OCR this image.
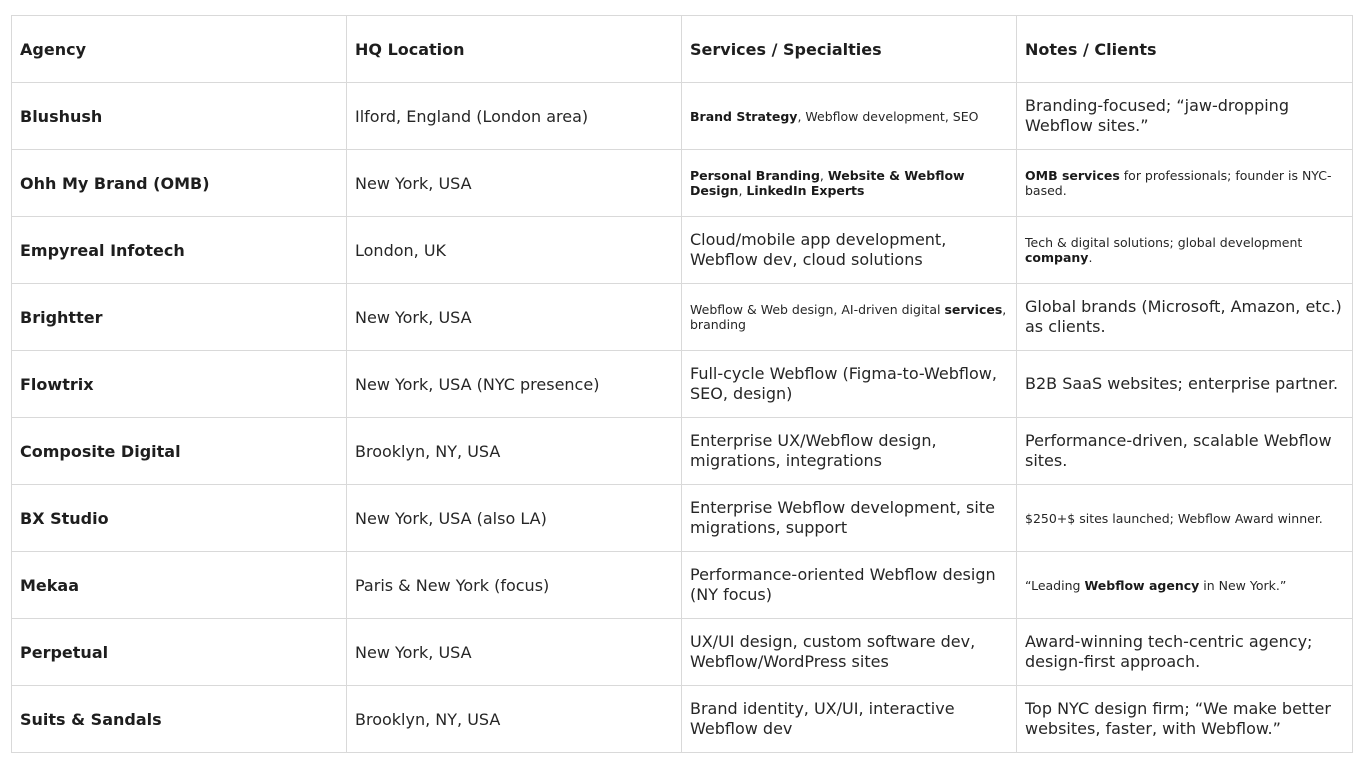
Agency	HQ Location	Services / Specialties	Notes / Clients
Blushush	Ilford, England (London area)	Brand Strategy, Webflow development, SEO	Branding-focused; “jaw-dropping Webflow sites.”
Ohh My Brand (OMB)	New York, USA	Personal Branding, Website & Webflow Design, LinkedIn Experts	OMB services for professionals; founder is NYC-based.
Empyreal Infotech	London, UK	Cloud/mobile app development, Webflow dev, cloud solutions	Tech & digital solutions; global development company.
Brightter	New York, USA	Webflow & Web design, AI-driven digital services, branding	Global brands (Microsoft, Amazon, etc.) as clients.
Flowtrix	New York, USA (NYC presence)	Full-cycle Webflow (Figma-to-Webflow, SEO, design)	B2B SaaS websites; enterprise partner.
Composite Digital	Brooklyn, NY, USA	Enterprise UX/Webflow design, migrations, integrations	Performance-driven, scalable Webflow sites.
BX Studio	New York, USA (also LA)	Enterprise Webflow development, site migrations, support	$250+$ sites launched; Webflow Award winner.
Mekaa	Paris & New York (focus)	Performance-oriented Webflow design (NY focus)	“Leading Webflow agency in New York.”
Perpetual	New York, USA	UX/UI design, custom software dev, Webflow/WordPress sites	Award-winning tech-centric agency; design-first approach.
Suits & Sandals	Brooklyn, NY, USA	Brand identity, UX/UI, interactive Webflow dev	Top NYC design firm; “We make better websites, faster, with Webflow.”
